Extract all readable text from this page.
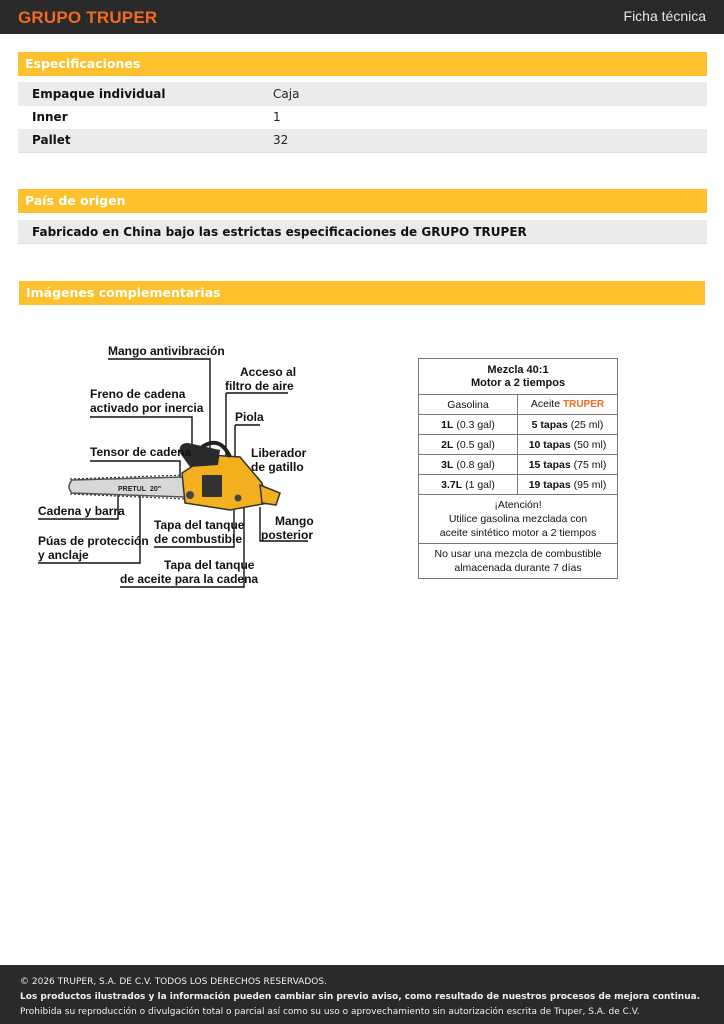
GRUPO TRUPER	Ficha técnica
Especificaciones
Empaque individual	Caja
Inner	1
Pallet	32
País de origen
Fabricado en China bajo las estrictas especificaciones de GRUPO TRUPER
Imágenes complementarias
PRETUL 20"
Mango antivibración
Acceso al
filtro de aire
Freno de cadena
activado por inercia
Piola
Tensor de cadena	Liberador
de gatillo
Cadena y barra
Tapa del tanque
de combustible
Mango
posterior
Púas de protección
y anclaje
Tapa del tanque
de aceite para la cadena
Mezcla 40:1
Motor a 2 tiempos
Gasolina	Aceite TRUPER
1L (0.3 gal)	5 tapas (25 ml)
2L (0.5 gal)	10 tapas (50 ml)
3L (0.8 gal)	15 tapas (75 ml)
3.7L (1 gal)	19 tapas (95 ml)
¡Atención!
Utilice gasolina mezclada con
aceite sintético motor a 2 tiempos
No usar una mezcla de combustible
almacenada durante 7 días
© 2026 TRUPER, S.A. DE C.V. TODOS LOS DERECHOS RESERVADOS.
Los productos ilustrados y la información pueden cambiar sin previo aviso, como resultado de nuestros procesos de mejora continua.
Prohibida su reproducción o divulgación total o parcial así como su uso o aprovechamiento sin autorización escrita de Truper, S.A. de C.V.
